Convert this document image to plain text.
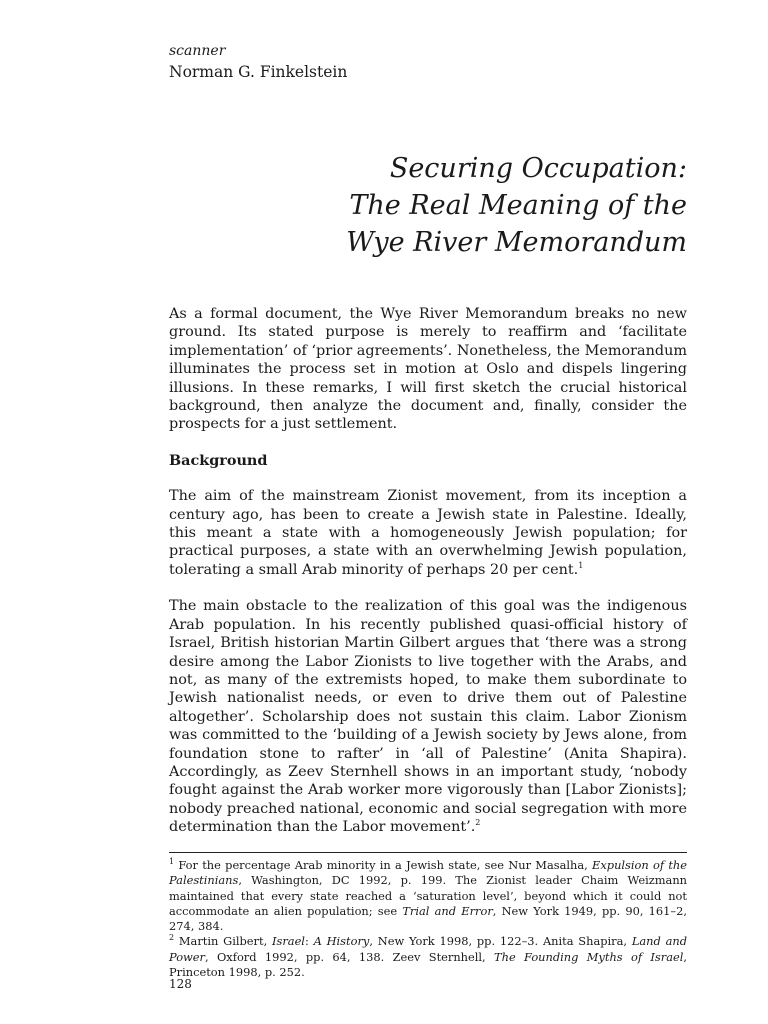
scanner
Norman G. Finkelstein
Securing Occupation:
The Real Meaning of the
Wye River Memorandum

As a formal document, the Wye River Memorandum breaks no new ground. Its stated purpose is merely to reaffirm and ‘facilitate implementation’ of ‘prior agreements’. Nonetheless, the Memorandum illuminates the process set in motion at Oslo and dispels lingering illusions. In these remarks, I will first sketch the crucial historical background, then analyze the document and, finally, consider the prospects for a just settlement.

Background

The aim of the mainstream Zionist movement, from its inception a century ago, has been to create a Jewish state in Palestine. Ideally, this meant a state with a homogeneously Jewish population; for practical purposes, a state with an overwhelming Jewish population, tolerating a small Arab minority of perhaps 20 per cent.$^1$

The main obstacle to the realization of this goal was the indigenous Arab population. In his recently published quasi-official history of Israel, British historian Martin Gilbert argues that ‘there was a strong desire among the Labor Zionists to live together with the Arabs, and not, as many of the extremists hoped, to make them subordinate to Jewish nationalist needs, or even to drive them out of Palestine altogether’. Scholarship does not sustain this claim. Labor Zionism was committed to the ‘building of a Jewish society by Jews alone, from foundation stone to rafter’ in ‘all of Palestine’ (Anita Shapira). Accordingly, as Zeev Sternhell shows in an important study, ‘nobody fought against the Arab worker more vigorously than [Labor Zionists]; nobody preached national, economic and social segregation with more determination than the Labor movement’.$^2$

$^1$ For the percentage Arab minority in a Jewish state, see Nur Masalha, Expulsion of the Palestinians, Washington, DC 1992, p. 199. The Zionist leader Chaim Weizmann maintained that every state reached a ‘saturation level’, beyond which it could not accommodate an alien population; see Trial and Error, New York 1949, pp. 90, 161–2, 274, 384.

$^2$ Martin Gilbert, Israel: A History, New York 1998, pp. 122–3. Anita Shapira, Land and Power, Oxford 1992, pp. 64, 138. Zeev Sternhell, The Founding Myths of Israel, Princeton 1998, p. 252.

128
